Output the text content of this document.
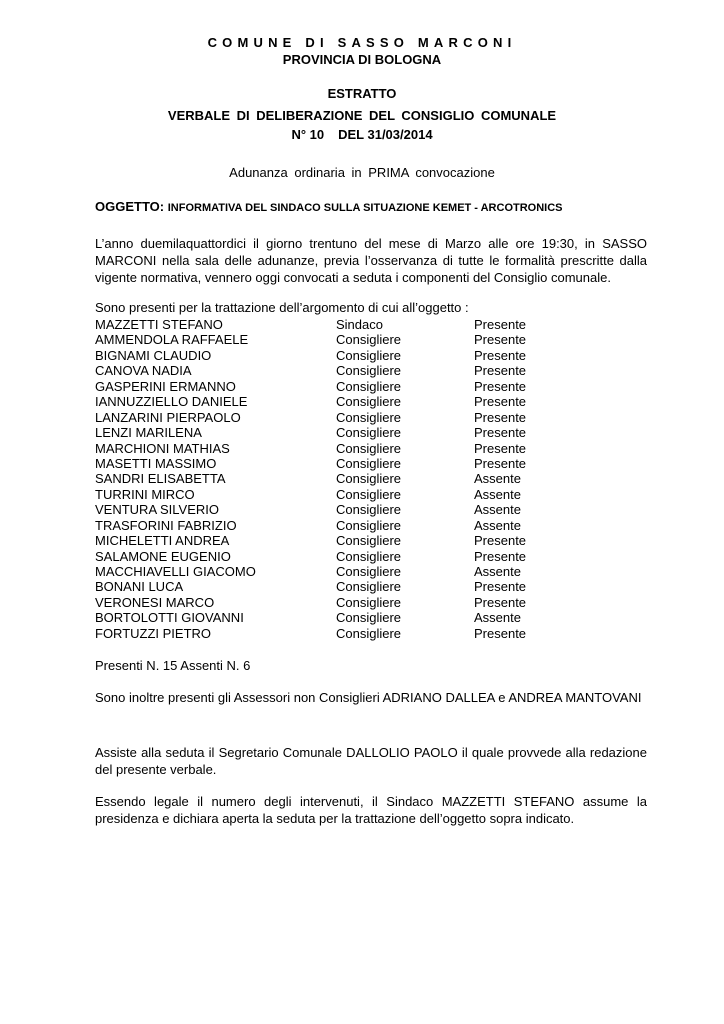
COMUNE DI SASSO MARCONI
PROVINCIA DI BOLOGNA
ESTRATTO
VERBALE DI DELIBERAZIONE DEL CONSIGLIO COMUNALE
N° 10 DEL 31/03/2014
Adunanza ordinaria in PRIMA convocazione
OGGETTO: INFORMATIVA DEL SINDACO SULLA SITUAZIONE KEMET - ARCOTRONICS
L’anno duemilaquattordici il giorno trentuno del mese di Marzo alle ore 19:30, in SASSO MARCONI nella sala delle adunanze, previa l’osservanza di tutte le formalità prescritte dalla vigente normativa, vennero oggi convocati a seduta i componenti del Consiglio comunale.
Sono presenti per la trattazione dell’argomento di cui all’oggetto :
MAZZETTI STEFANO	Sindaco	Presente
AMMENDOLA RAFFAELE	Consigliere	Presente
BIGNAMI CLAUDIO	Consigliere	Presente
CANOVA NADIA	Consigliere	Presente
GASPERINI ERMANNO	Consigliere	Presente
IANNUZZIELLO DANIELE	Consigliere	Presente
LANZARINI PIERPAOLO	Consigliere	Presente
LENZI MARILENA	Consigliere	Presente
MARCHIONI MATHIAS	Consigliere	Presente
MASETTI MASSIMO	Consigliere	Presente
SANDRI ELISABETTA	Consigliere	Assente
TURRINI MIRCO	Consigliere	Assente
VENTURA SILVERIO	Consigliere	Assente
TRASFORINI FABRIZIO	Consigliere	Assente
MICHELETTI ANDREA	Consigliere	Presente
SALAMONE EUGENIO	Consigliere	Presente
MACCHIAVELLI GIACOMO	Consigliere	Assente
BONANI LUCA	Consigliere	Presente
VERONESI MARCO	Consigliere	Presente
BORTOLOTTI GIOVANNI	Consigliere	Assente
FORTUZZI PIETRO	Consigliere	Presente
Presenti N. 15 Assenti N. 6
Sono inoltre presenti gli Assessori non Consiglieri ADRIANO DALLEA e ANDREA MANTOVANI
Assiste alla seduta il Segretario Comunale DALLOLIO PAOLO il quale provvede alla redazione del presente verbale.
Essendo legale il numero degli intervenuti, il Sindaco MAZZETTI STEFANO assume la presidenza e dichiara aperta la seduta per la trattazione dell’oggetto sopra indicato.
